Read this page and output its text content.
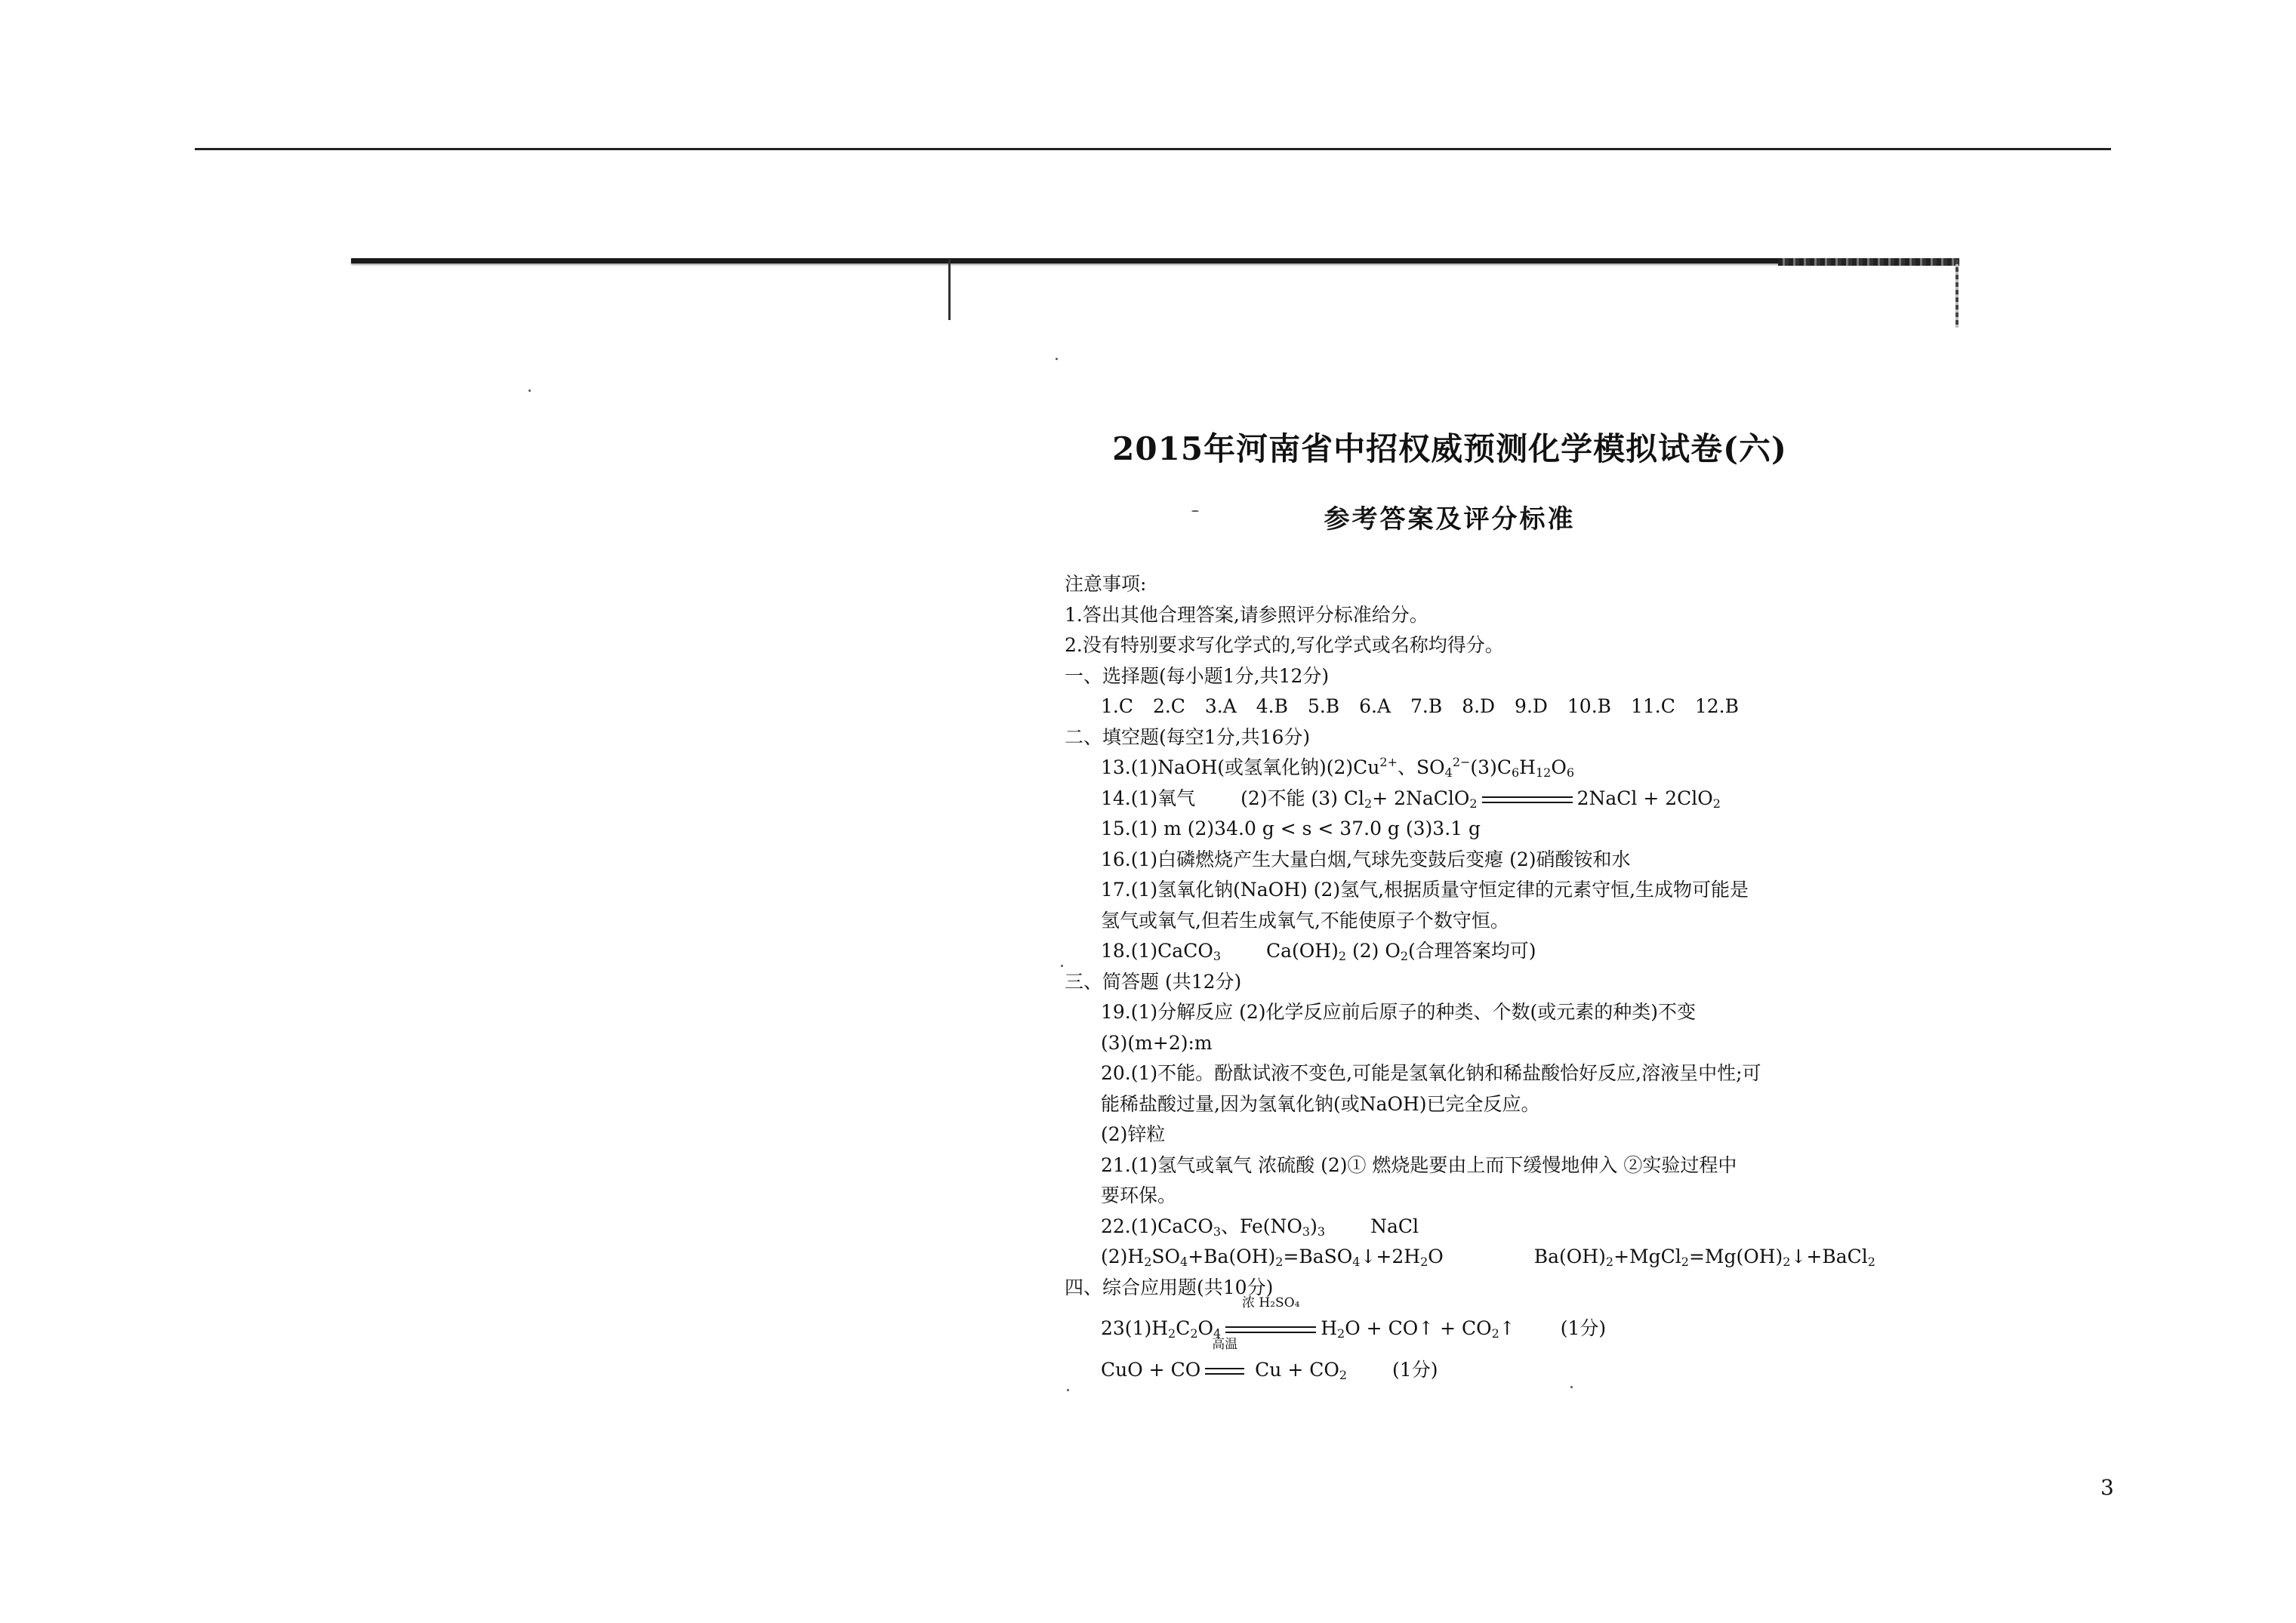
2015年河南省中招权威预测化学模拟试卷(六)
参考答案及评分标准
注意事项:
1.答出其他合理答案,请参照评分标准给分。
2.没有特别要求写化学式的,写化学式或名称均得分。
一、选择题(每小题1分,共12分)
1.C 2.C 3.A 4.B 5.B 6.A 7.B 8.D 9.D 10.B 11.C 12.B
二、填空题(每空1分,共16分)
13.(1)NaOH(或氢氧化钠)$(2)Cu^{2+}$、$SO_4^{2-}(3)C_6H_{12}O_6$
14.(1)氧气 (2)不能 (3) $Cl_2+$ 2NaClO$_2$	2NaCl + 2ClO$_2$
15.(1) m (2)34.0 g < s < 37.0 g (3)3.1 g
16.(1)白磷燃烧产生大量白烟,气球先变鼓后变瘪 (2)硝酸铵和水
17.(1)氢氧化钠(NaOH) (2)氢气,根据质量守恒定律的元素守恒,生成物可能是
氢气或氧气,但若生成氧气,不能使原子个数守恒。
18.(1)CaCO$_3$ $Ca(OH)_2$ (2) $O_2$(合理答案均可)
三、简答题 (共12分)
19.(1)分解反应 (2)化学反应前后原子的种类、个数(或元素的种类)不变
(3)(m+2):m
20.(1)不能。酚酞试液不变色,可能是氢氧化钠和稀盐酸恰好反应,溶液呈中性;可
能稀盐酸过量,因为氢氧化钠(或NaOH)已完全反应。
(2)锌粒
21.(1)氢气或氧气 浓硫酸 (2)① 燃烧匙要由上而下缓慢地伸入 ②实验过程中
要环保。
22.(1)CaCO$_3$、$Fe(NO_3)_3$ NaCl
$(2)H_2SO_4+Ba(OH)_2=BaSO_4↓+2H_2O$	$Ba(OH)_2+MgCl_2=Mg(OH)_2↓+BaCl_2$
四、综合应用题(共10分)
$23(1)H_2C_2O_4$
浓 H₂SO₄
$H_2O$ + CO↑ + $CO_2↑$ (1分)
CuO + CO
高温
$Cu + CO_2$ (1分)
3
